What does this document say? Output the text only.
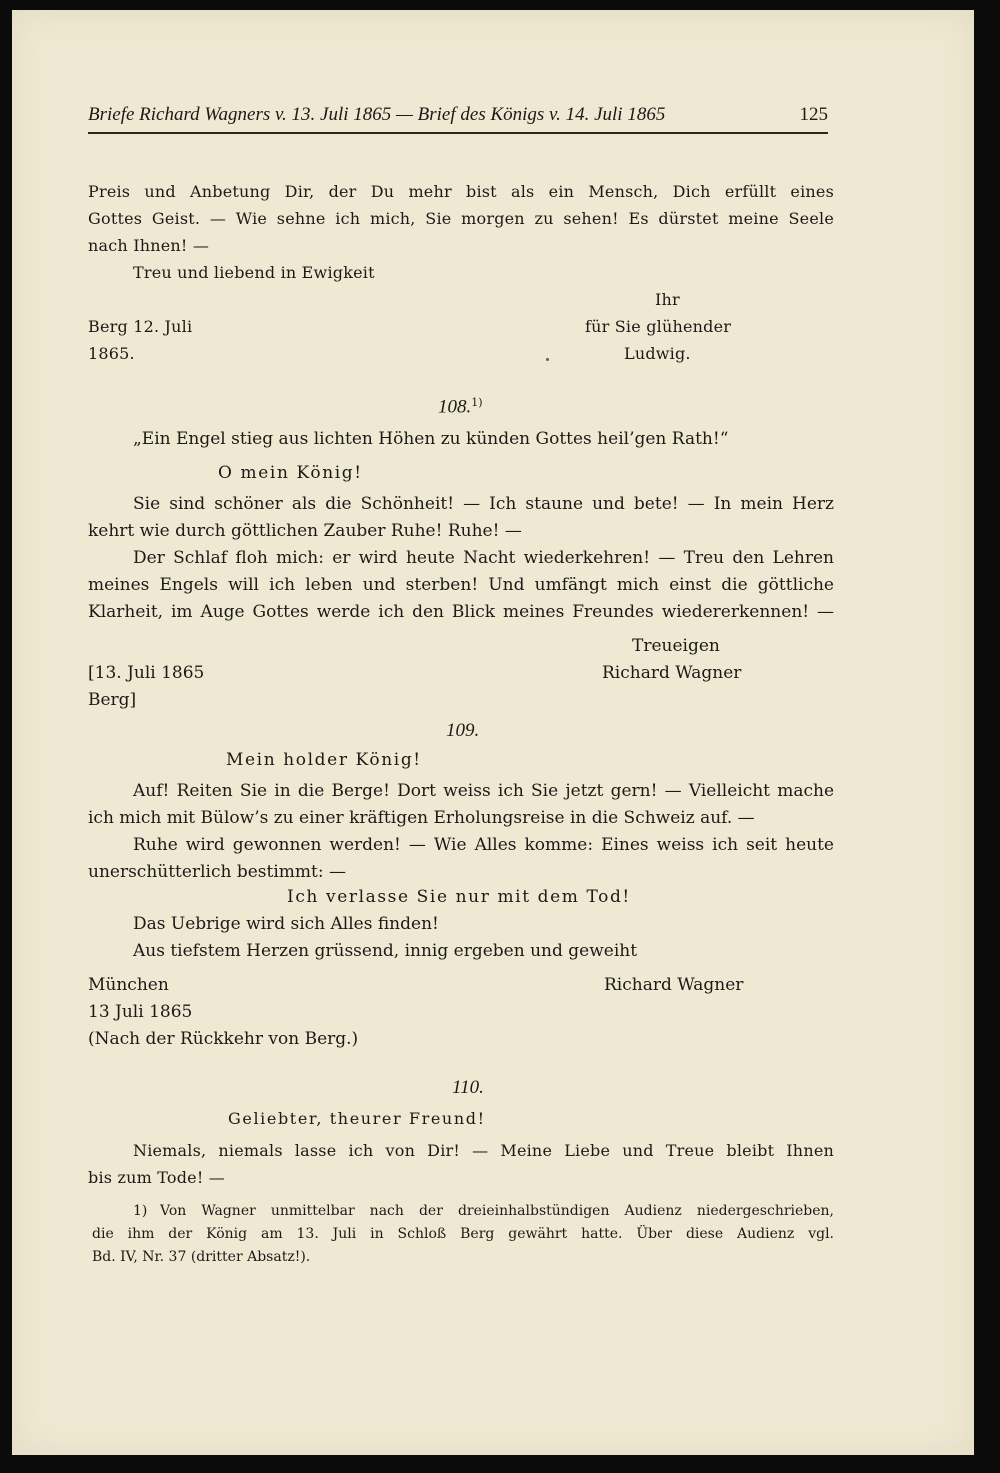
Briefe Richard Wagners v. 13. Juli 1865 — Brief des Königs v. 14. Juli 1865	125
Preis und Anbetung Dir, der Du mehr bist als ein Mensch, Dich erfüllt eines
Gottes Geist. — Wie sehne ich mich, Sie morgen zu sehen! Es dürstet meine Seele
nach Ihnen! —
Treu und liebend in Ewigkeit
Ihr
Berg 12. Juli	für Sie glühender
1865.	Ludwig.
108.$^{1)}$
„Ein Engel stieg aus lichten Höhen zu künden Gottes heil’gen Rath!“
O mein König!
Sie sind schöner als die Schönheit! — Ich staune und bete! — In mein Herz
kehrt wie durch göttlichen Zauber Ruhe! Ruhe! —
Der Schlaf floh mich: er wird heute Nacht wiederkehren! — Treu den Lehren
meines Engels will ich leben und sterben! Und umfängt mich einst die göttliche
Klarheit, im Auge Gottes werde ich den Blick meines Freundes wiedererkennen! —
Treueigen
[13. Juli 1865	Richard Wagner
Berg]
109.
Mein holder König!
Auf! Reiten Sie in die Berge! Dort weiss ich Sie jetzt gern! — Vielleicht mache
ich mich mit Bülow’s zu einer kräftigen Erholungsreise in die Schweiz auf. —
Ruhe wird gewonnen werden! — Wie Alles komme: Eines weiss ich seit heute
unerschütterlich bestimmt: —
Ich verlasse Sie nur mit dem Tod!
Das Uebrige wird sich Alles finden!
Aus tiefstem Herzen grüssend, innig ergeben und geweiht
München	Richard Wagner
13 Juli 1865
(Nach der Rückkehr von Berg.)
110.
Geliebter, theurer Freund!
Niemals, niemals lasse ich von Dir! — Meine Liebe und Treue bleibt Ihnen
bis zum Tode! —
1) Von Wagner unmittelbar nach der dreieinhalbstündigen Audienz niedergeschrieben,
die ihm der König am 13. Juli in Schloß Berg gewährt hatte. Über diese Audienz vgl.
Bd. IV, Nr. 37 (dritter Absatz!).
